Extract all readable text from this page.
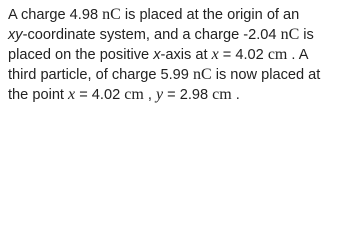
A charge 4.98 nC is placed at the origin of an
xy-coordinate system, and a charge -2.04 nC is
placed on the positive x-axis at x = 4.02 cm . A
third particle, of charge 5.99 nC is now placed at
the point x = 4.02 cm , y = 2.98 cm .
